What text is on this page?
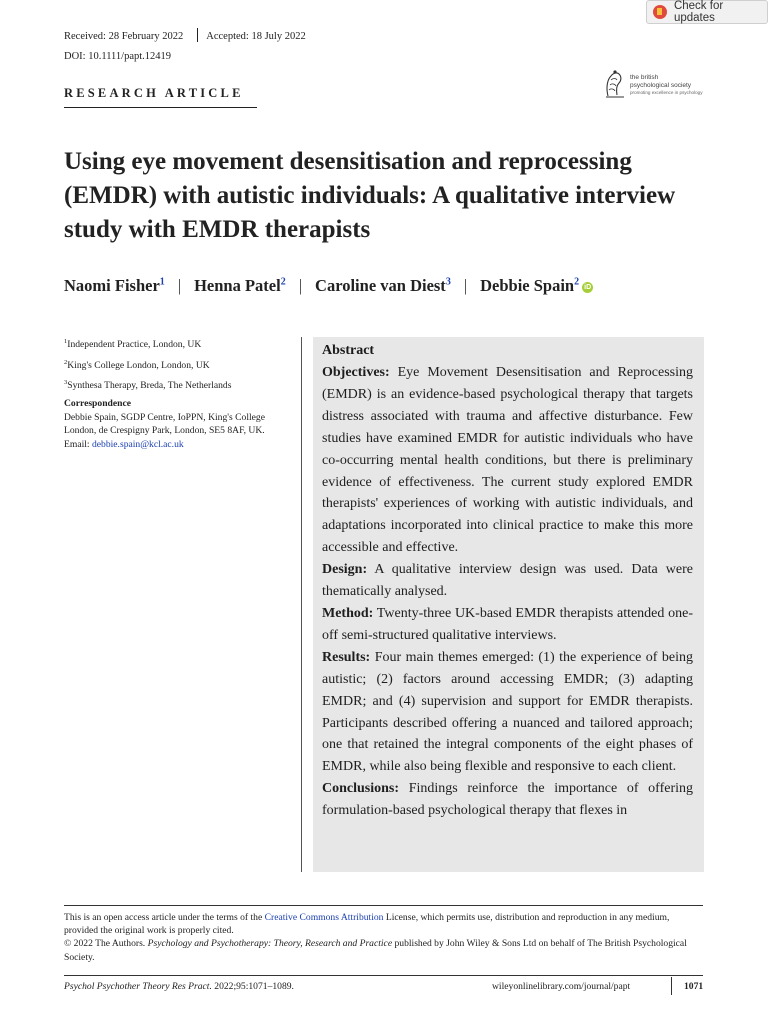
Check for updates
Received: 28 February 2022 Accepted: 18 July 2022
DOI: 10.1111/papt.12419
RESEARCH ARTICLE
the british
psychological society
promoting excellence in psychology
Using eye movement desensitisation and reprocessing (EMDR) with autistic individuals: A qualitative interview study with EMDR therapists
Naomi Fisher$^1$ | Henna Patel$^2$ | Caroline van Diest$^3$ | Debbie Spain$^2$ iD
$^1$Independent Practice, London, UK
$^2$King's College London, London, UK
$^3$Synthesa Therapy, Breda, The Netherlands
Correspondence
Debbie Spain, SGDP Centre, IoPPN, King's College London, de Crespigny Park, London, SE5 8AF, UK.
Email: debbie.spain@kcl.ac.uk
Abstract

Objectives: Eye Movement Desensitisation and Reprocessing (EMDR) is an evidence-based psychological therapy that targets distress associated with trauma and affective disturbance. Few studies have examined EMDR for autistic individuals who have co-occurring mental health conditions, but there is preliminary evidence of effectiveness. The current study explored EMDR therapists' experiences of working with autistic individuals, and adaptations incorporated into clinical practice to make this more accessible and effective.

Design: A qualitative interview design was used. Data were thematically analysed.

Method: Twenty-three UK-based EMDR therapists attended one-off semi-structured qualitative interviews.

Results: Four main themes emerged: (1) the experience of being autistic; (2) factors around accessing EMDR; (3) adapting EMDR; and (4) supervision and support for EMDR therapists. Participants described offering a nuanced and tailored approach; one that retained the integral components of the eight phases of EMDR, while also being flexible and responsive to each client.

Conclusions: Findings reinforce the importance of offering formulation-based psychological therapy that flexes in

This is an open access article under the terms of the Creative Commons Attribution License, which permits use, distribution and reproduction in any medium, provided the original work is properly cited.
© 2022 The Authors. Psychology and Psychotherapy: Theory, Research and Practice published by John Wiley & Sons Ltd on behalf of The British Psychological Society.
Psychol Psychother Theory Res Pract. 2022;95:1071–1089.	wileyonlinelibrary.com/journal/papt	1071
